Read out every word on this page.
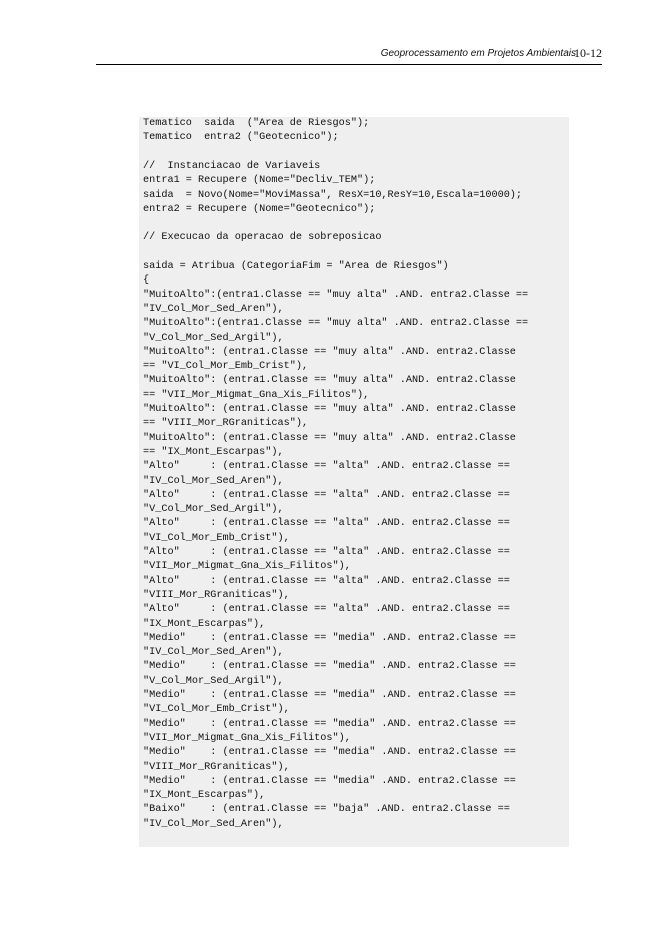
Geoprocessamento em Projetos Ambientais
10-12
Tematico  saida  ("Area de Riesgos");
Tematico  entra2 ("Geotecnico");
//  Instanciacao de Variaveis
entra1 = Recupere (Nome="Decliv_TEM");
saida  = Novo(Nome="MoviMassa", ResX=10,ResY=10,Escala=10000);
entra2 = Recupere (Nome="Geotecnico");
// Execucao da operacao de sobreposicao
saida = Atribua (CategoriaFim = "Area de Riesgos")
{
"MuitoAlto":(entra1.Classe == "muy alta" .AND. entra2.Classe ==
"IV_Col_Mor_Sed_Aren"),
"MuitoAlto":(entra1.Classe == "muy alta" .AND. entra2.Classe ==
"V_Col_Mor_Sed_Argil"),
"MuitoAlto": (entra1.Classe == "muy alta" .AND. entra2.Classe
== "VI_Col_Mor_Emb_Crist"),
"MuitoAlto": (entra1.Classe == "muy alta" .AND. entra2.Classe
== "VII_Mor_Migmat_Gna_Xis_Filitos"),
"MuitoAlto": (entra1.Classe == "muy alta" .AND. entra2.Classe
== "VIII_Mor_RGraniticas"),
"MuitoAlto": (entra1.Classe == "muy alta" .AND. entra2.Classe
== "IX_Mont_Escarpas"),
"Alto"     : (entra1.Classe == "alta" .AND. entra2.Classe ==
"IV_Col_Mor_Sed_Aren"),
"Alto"     : (entra1.Classe == "alta" .AND. entra2.Classe ==
"V_Col_Mor_Sed_Argil"),
"Alto"     : (entra1.Classe == "alta" .AND. entra2.Classe ==
"VI_Col_Mor_Emb_Crist"),
"Alto"     : (entra1.Classe == "alta" .AND. entra2.Classe ==
"VII_Mor_Migmat_Gna_Xis_Filitos"),
"Alto"     : (entra1.Classe == "alta" .AND. entra2.Classe ==
"VIII_Mor_RGraniticas"),
"Alto"     : (entra1.Classe == "alta" .AND. entra2.Classe ==
"IX_Mont_Escarpas"),
"Medio"    : (entra1.Classe == "media" .AND. entra2.Classe ==
"IV_Col_Mor_Sed_Aren"),
"Medio"    : (entra1.Classe == "media" .AND. entra2.Classe ==
"V_Col_Mor_Sed_Argil"),
"Medio"    : (entra1.Classe == "media" .AND. entra2.Classe ==
"VI_Col_Mor_Emb_Crist"),
"Medio"    : (entra1.Classe == "media" .AND. entra2.Classe ==
"VII_Mor_Migmat_Gna_Xis_Filitos"),
"Medio"    : (entra1.Classe == "media" .AND. entra2.Classe ==
"VIII_Mor_RGraniticas"),
"Medio"    : (entra1.Classe == "media" .AND. entra2.Classe ==
"IX_Mont_Escarpas"),
"Baixo"    : (entra1.Classe == "baja" .AND. entra2.Classe ==
"IV_Col_Mor_Sed_Aren"),
